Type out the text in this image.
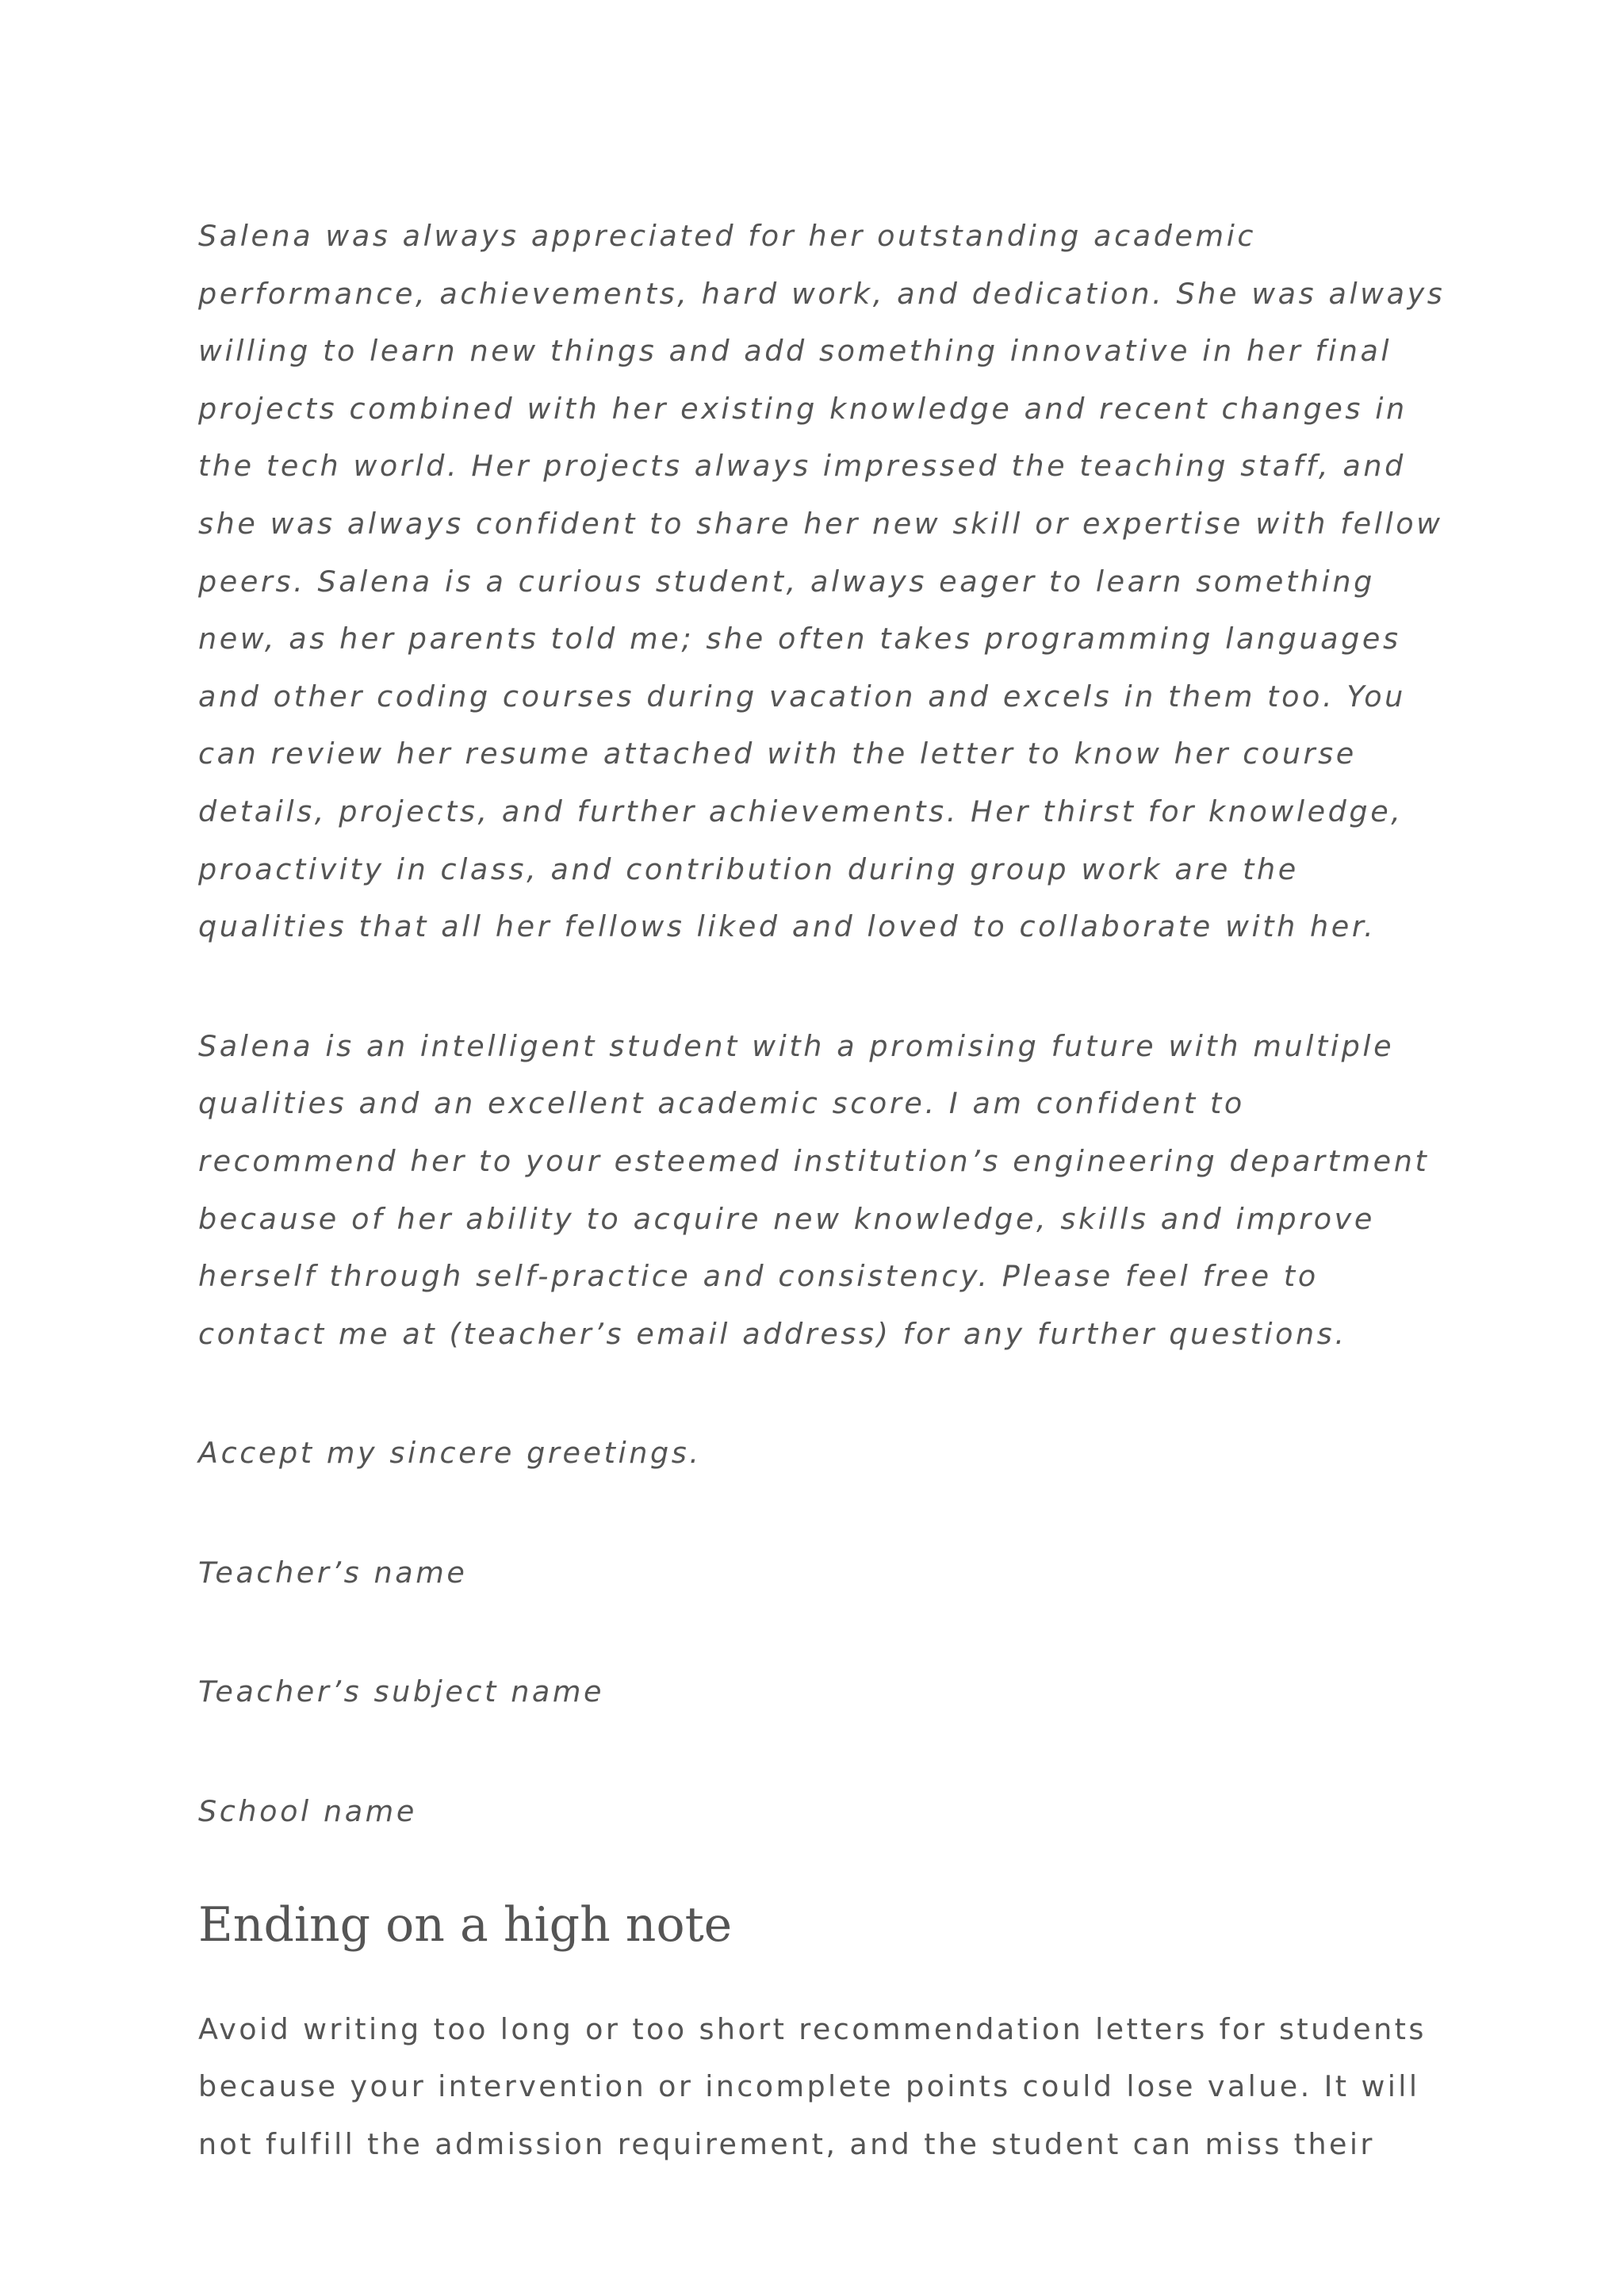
Salena was always appreciated for her outstanding academic performance, achievements, hard work, and dedication. She was always willing to learn new things and add something innovative in her final projects combined with her existing knowledge and recent changes in the tech world. Her projects always impressed the teaching staff, and she was always confident to share her new skill or expertise with fellow peers. Salena is a curious student, always eager to learn something new, as her parents told me; she often takes programming languages and other coding courses during vacation and excels in them too. You can review her resume attached with the letter to know her course details, projects, and further achievements. Her thirst for knowledge, proactivity in class, and contribution during group work are the qualities that all her fellows liked and loved to collaborate with her.

Salena is an intelligent student with a promising future with multiple qualities and an excellent academic score. I am confident to recommend her to your esteemed institution’s engineering department because of her ability to acquire new knowledge, skills and improve herself through self-practice and consistency. Please feel free to contact me at (teacher’s email address) for any further questions.

Accept my sincere greetings.

Teacher’s name

Teacher’s subject name

School name

Ending on a high note

Avoid writing too long or too short recommendation letters for students because your intervention or incomplete points could lose value. It will not fulfill the admission requirement, and the student can miss their
